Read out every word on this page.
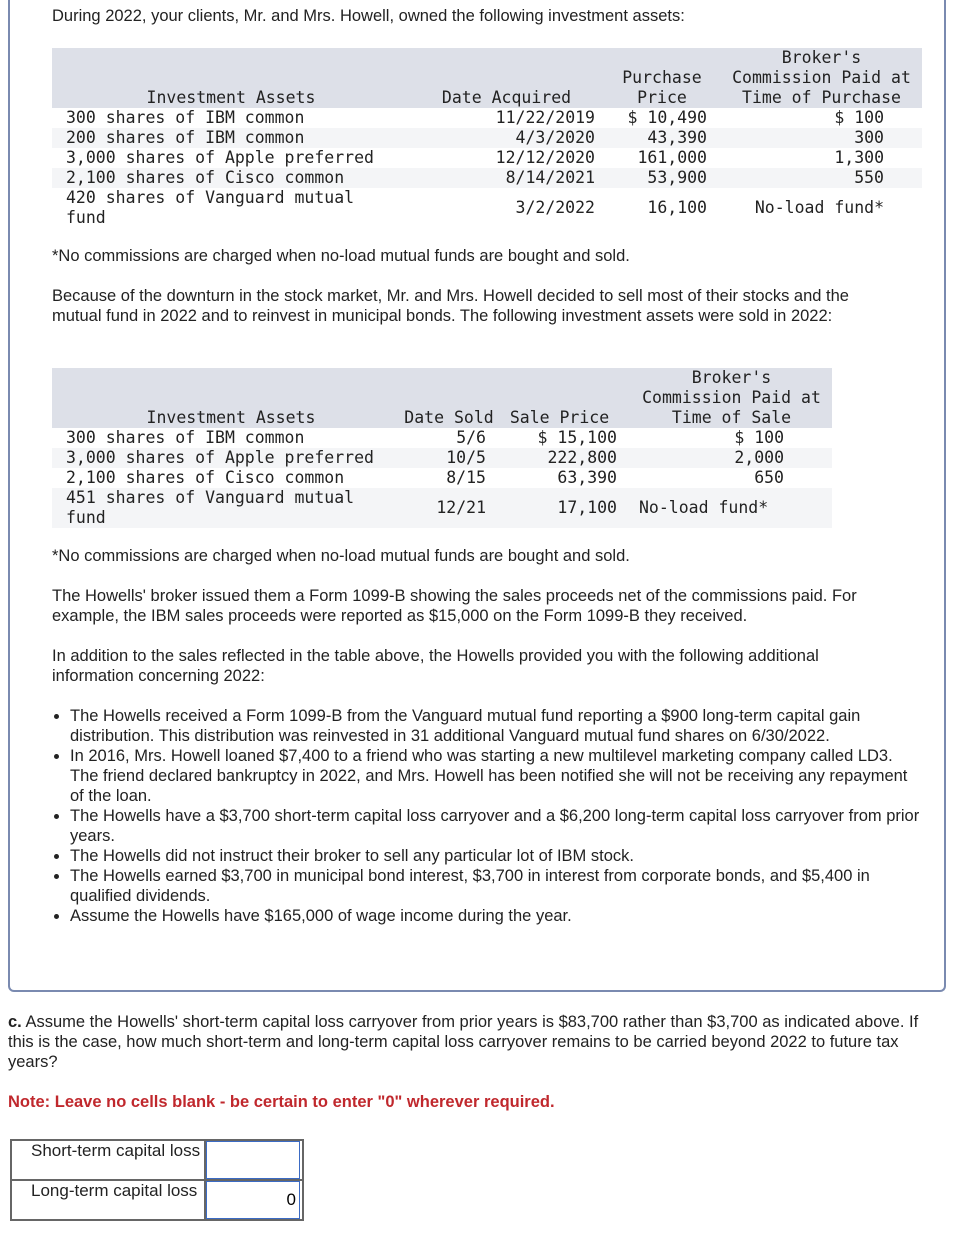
During 2022, your clients, Mr. and Mrs. Howell, owned the following investment assets:

Investment Assets	Date Acquired	Purchase Price	Broker's Commission Paid at Time of Purchase
300 shares of IBM common	11/22/2019	$ 10,490	$ 100
200 shares of IBM common	4/3/2020	43,390	300
3,000 shares of Apple preferred	12/12/2020	161,000	1,300
2,100 shares of Cisco common	8/14/2021	53,900	550
420 shares of Vanguard mutual fund	3/2/2022	16,100	No-load fund*

*No commissions are charged when no-load mutual funds are bought and sold.

Because of the downturn in the stock market, Mr. and Mrs. Howell decided to sell most of their stocks and the mutual fund in 2022 and to reinvest in municipal bonds. The following investment assets were sold in 2022:

Investment Assets	Date Sold	Sale Price	Broker's Commission Paid at Time of Sale
300 shares of IBM common	5/6	$ 15,100	$ 100
3,000 shares of Apple preferred	10/5	222,800	2,000
2,100 shares of Cisco common	8/15	63,390	650
451 shares of Vanguard mutual fund	12/21	17,100	No-load fund*

*No commissions are charged when no-load mutual funds are bought and sold.

The Howells' broker issued them a Form 1099-B showing the sales proceeds net of the commissions paid. For example, the IBM sales proceeds were reported as $15,000 on the Form 1099-B they received.

In addition to the sales reflected in the table above, the Howells provided you with the following additional information concerning 2022:

• The Howells received a Form 1099-B from the Vanguard mutual fund reporting a $900 long-term capital gain distribution. This distribution was reinvested in 31 additional Vanguard mutual fund shares on 6/30/2022.
• In 2016, Mrs. Howell loaned $7,400 to a friend who was starting a new multilevel marketing company called LD3. The friend declared bankruptcy in 2022, and Mrs. Howell has been notified she will not be receiving any repayment of the loan.
• The Howells have a $3,700 short-term capital loss carryover and a $6,200 long-term capital loss carryover from prior years.
• The Howells did not instruct their broker to sell any particular lot of IBM stock.
• The Howells earned $3,700 in municipal bond interest, $3,700 in interest from corporate bonds, and $5,400 in qualified dividends.
• Assume the Howells have $165,000 of wage income during the year.

c. Assume the Howells' short-term capital loss carryover from prior years is $83,700 rather than $3,700 as indicated above. If this is the case, how much short-term and long-term capital loss carryover remains to be carried beyond 2022 to future tax years?

Note: Leave no cells blank - be certain to enter "0" wherever required.

Short-term capital loss	
Long-term capital loss	0
